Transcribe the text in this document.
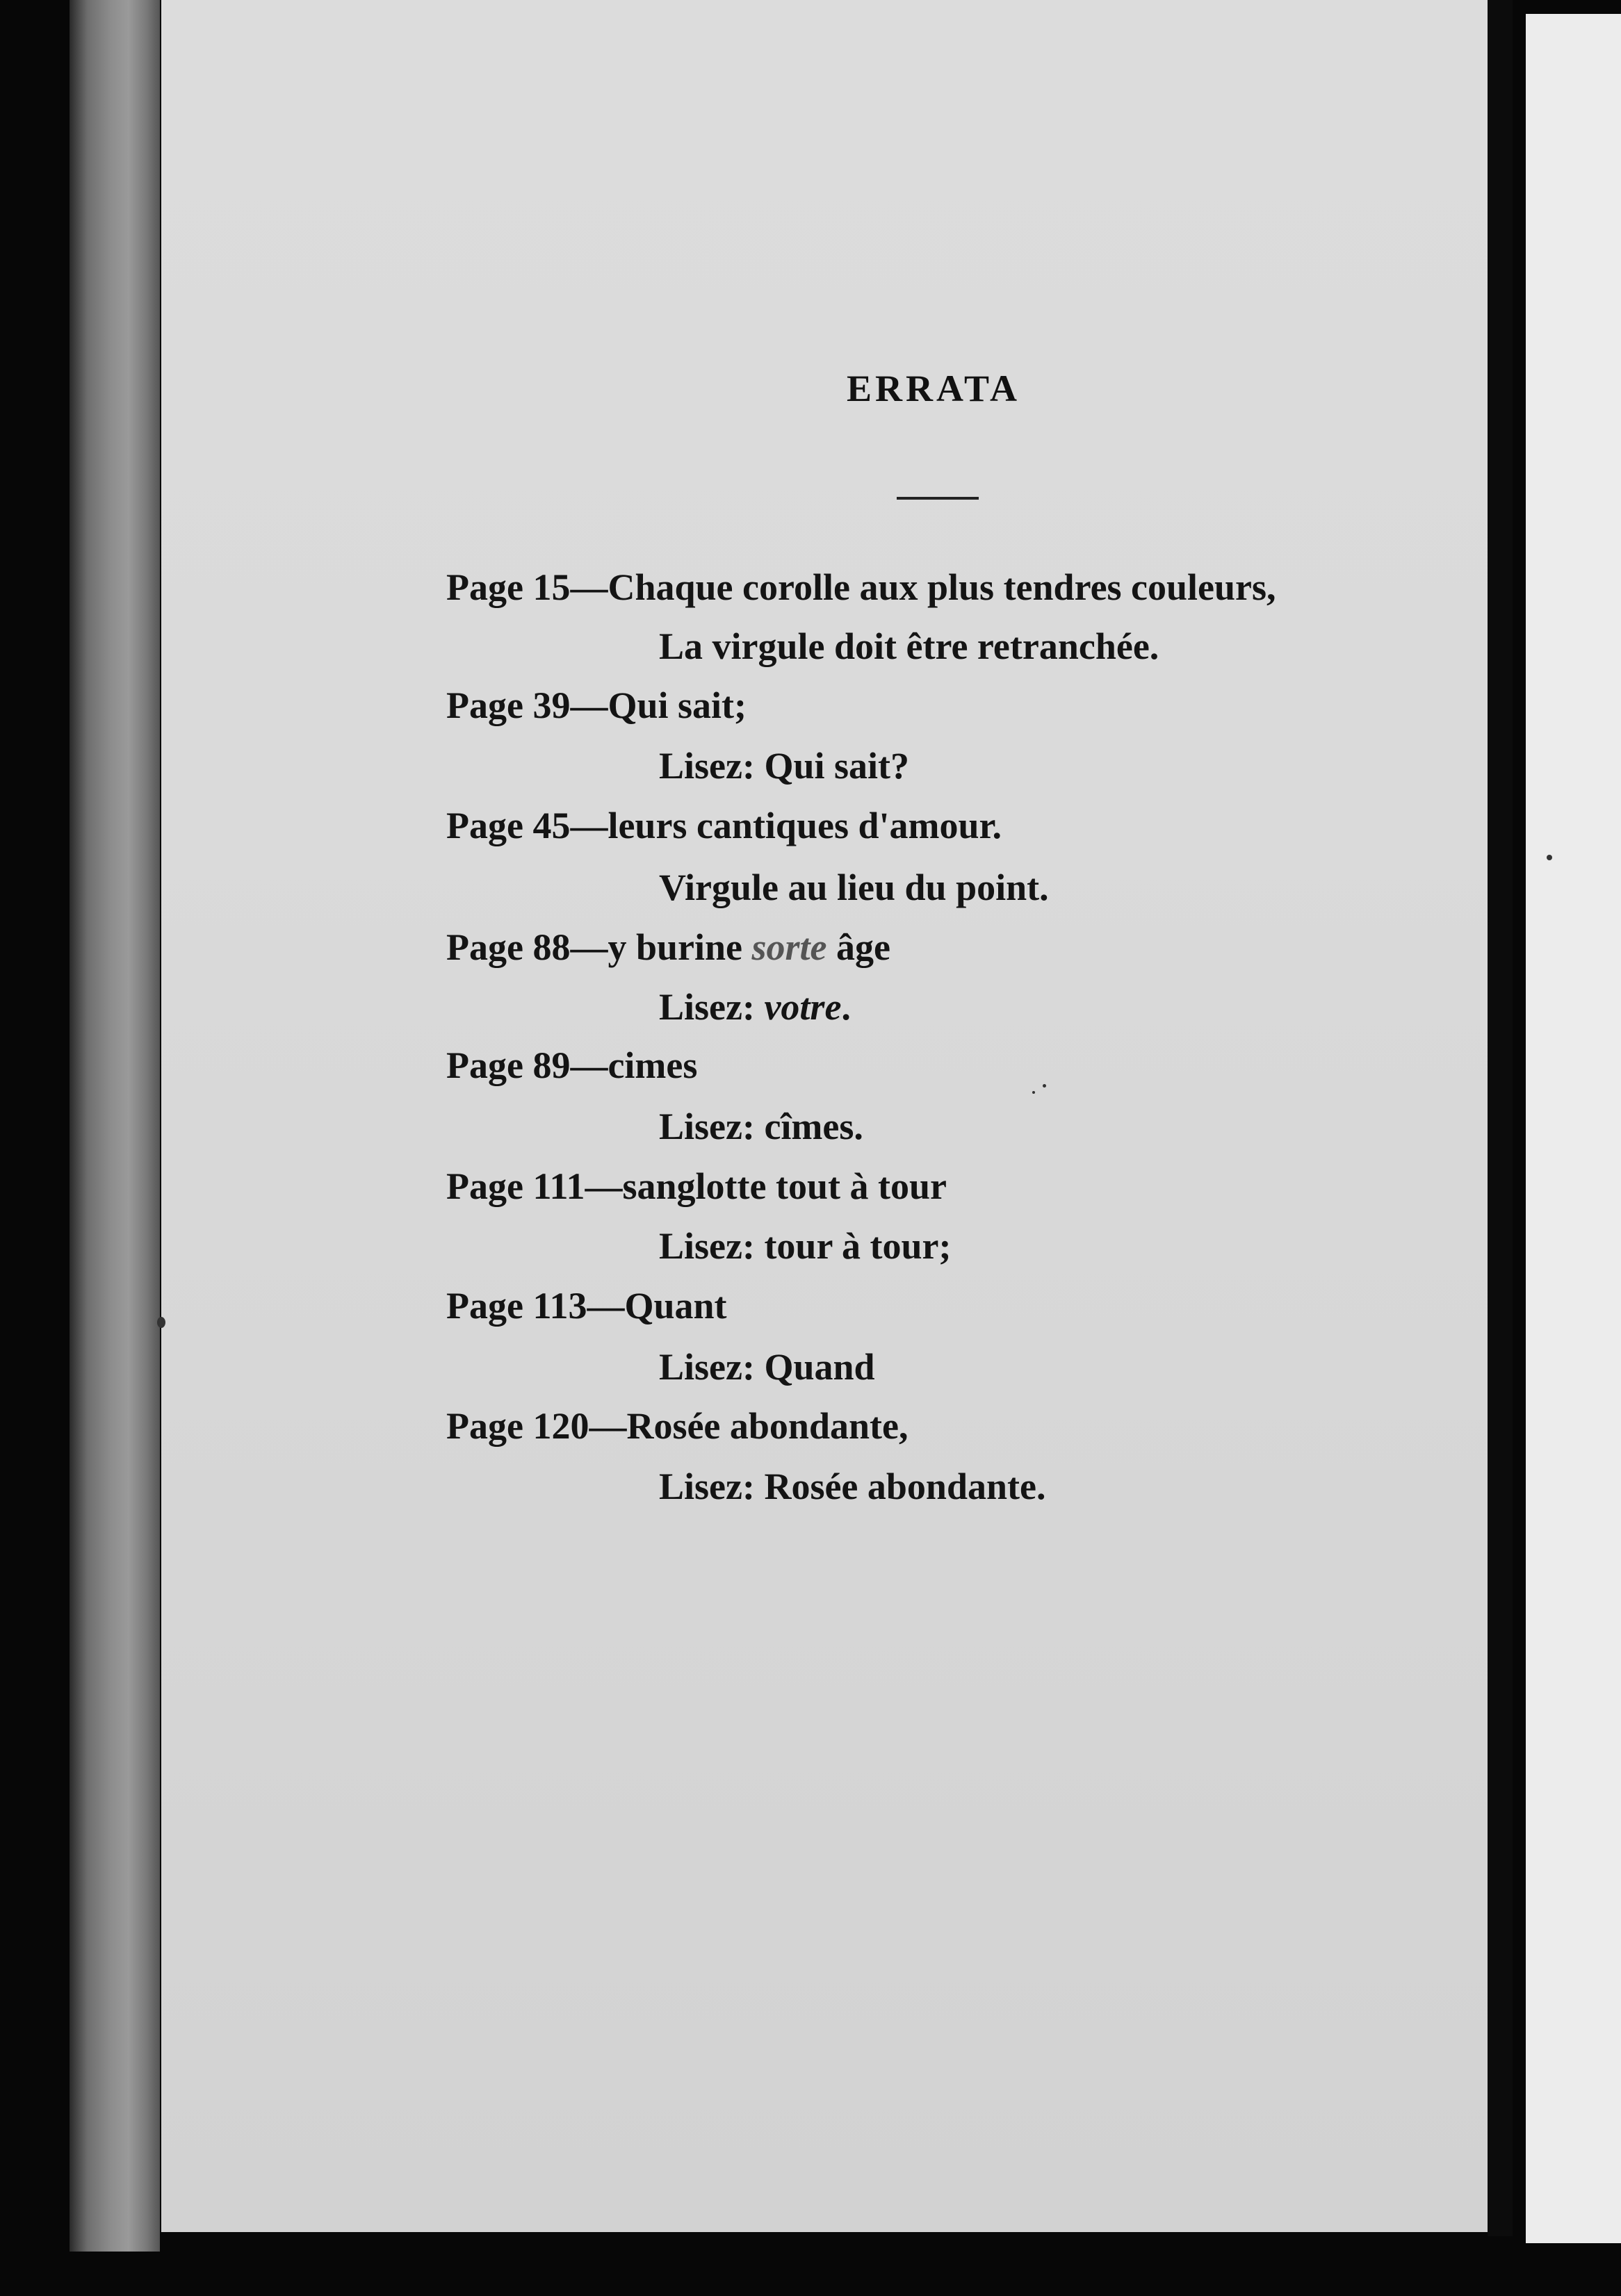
ERRATA
Page 15—Chaque corolle aux plus tendres couleurs,
La virgule doit être retranchée.
Page 39—Qui sait;
Lisez: Qui sait?
Page 45—leurs cantiques d'amour.
Virgule au lieu du point.
Page 88—y burine sorte âge
Lisez: votre.
Page 89—cimes
Lisez: cîmes.
Page 111—sanglotte tout à tour
Lisez: tour à tour;
Page 113—Quant
Lisez: Quand
Page 120—Rosée abondante,
Lisez: Rosée abondante.
